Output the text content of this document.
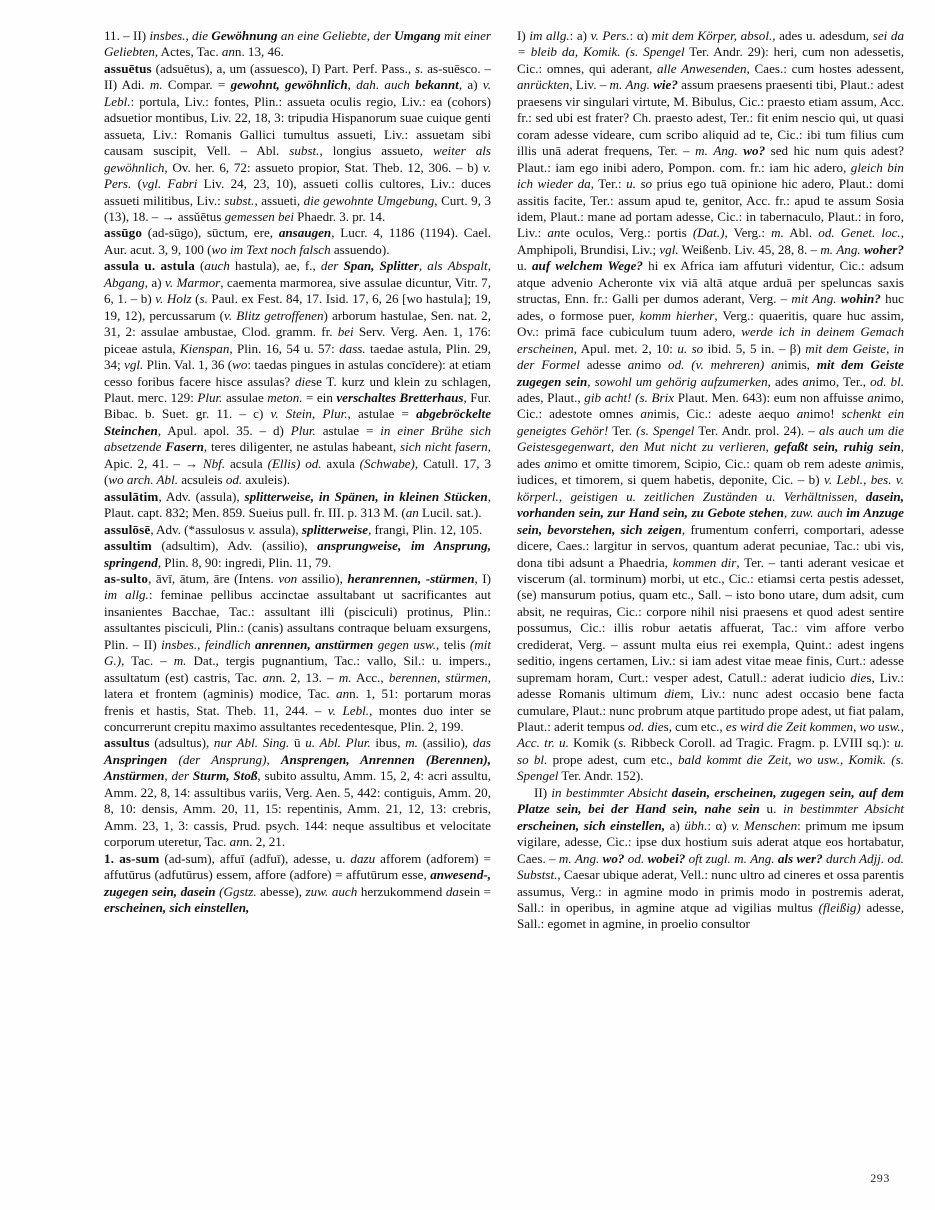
11. – II) insbes., die Gewöhnung an eine Geliebte, der Umgang mit einer Geliebten, Actes, Tac. ann. 13, 46.

assuētus (adsuētus), a, um (assuesco), I) Part. Perf. Pass., s. as-suēsco. – II) Adi. m. Compar. = gewohnt, gewöhnlich, dah. auch bekannt, a) v. Lebl.: portula, Liv.: fontes, Plin.: assueta oculis regio, Liv.: ea (cohors) adsuetior montibus, Liv. 22, 18, 3: tripudia Hispanorum suae cuique genti assueta, Liv.: Romanis Gallici tumultus assueti, Liv.: assuetam sibi causam suscipit, Vell. – Abl. subst., longius assueto, weiter als gewöhnlich, Ov. her. 6, 72: assueto propior, Stat. Theb. 12, 306. – b) v. Pers. (vgl. Fabri Liv. 24, 23, 10), assueti collis cultores, Liv.: duces assueti militibus, Liv.: subst., assueti, die gewohnte Umgebung, Curt. 9, 3 (13), 18. – → assŭētus gemessen bei Phaedr. 3. pr. 14.

assūgo (ad-sūgo), sūctum, ere, ansaugen, Lucr. 4, 1186 (1194). Cael. Aur. acut. 3, 9, 100 (wo im Text noch falsch assuendo).

assula u. astula (auch hastula), ae, f., der Span, Splitter, als Abspalt, Abgang, a) v. Marmor, caementa marmorea, sive assulae dicuntur, Vitr. 7, 6, 1. – b) v. Holz (s. Paul. ex Fest. 84, 17. Isid. 17, 6, 26 [wo hastula]; 19, 19, 12), percussarum (v. Blitz getroffenen) arborum hastulae, Sen. nat. 2, 31, 2: assulae ambustae, Clod. gramm. fr. bei Serv. Verg. Aen. 1, 176: piceae astula, Kienspan, Plin. 16, 54 u. 57: dass. taedae astula, Plin. 29, 34; vgl. Plin. Val. 1, 36 (wo: taedas pingues in astulas concīdere): at etiam cesso foribus facere hisce assulas? diese T. kurz und klein zu schlagen, Plaut. merc. 129: Plur. assulae meton. = ein verschaltes Bretterhaus, Fur. Bibac. b. Suet. gr. 11. – c) v. Stein, Plur., astulae = abgebröckelte Steinchen, Apul. apol. 35. – d) Plur. astulae = in einer Brühe sich absetzende Fasern, teres diligenter, ne astulas habeant, sich nicht fasern, Apic. 2, 41. – → Nbf. acsula (Ellis) od. axula (Schwabe), Catull. 17, 3 (wo arch. Abl. acsuleis od. axuleis).

assulātim, Adv. (assula), splitterweise, in Spänen, in kleinen Stücken, Plaut. capt. 832; Men. 859. Sueius pull. fr. III. p. 313 M. (an Lucil. sat.).

assulōsē, Adv. (*assulosus v. assula), splitterweise, frangi, Plin. 12, 105.

assultim (adsultim), Adv. (assilio), ansprungweise, im Ansprung, springend, Plin. 8, 90: ingredi, Plin. 11, 79.

as-sulto, āvī, ātum, āre (Intens. von assilio), heranrennen, -stürmen, I) im allg.: feminae pellibus accinctae assultabant ut sacrificantes aut insanientes Bacchae, Tac.: assultant illi (pisciculi) protinus, Plin.: assultantes pisciculi, Plin.: (canis) assultans contraque beluam exsurgens, Plin. – II) insbes., feindlich anrennen, anstürmen gegen usw., telis (mit G.), Tac. – m. Dat., tergis pugnantium, Tac.: vallo, Sil.: u. impers., assultatum (est) castris, Tac. ann. 2, 13. – m. Acc., berennen, stürmen, latera et frontem (agminis) modice, Tac. ann. 1, 51: portarum moras frenis et hastis, Stat. Theb. 11, 244. – v. Lebl., montes duo inter se concurrerunt crepitu maximo assultantes recedentesque, Plin. 2, 199.

assultus (adsultus), nur Abl. Sing. ū u. Abl. Plur. ibus, m. (assilio), das Anspringen (der Ansprung), Ansprengen, Anrennen (Berennen), Anstürmen, der Sturm, Stoß, subito assultu, Amm. 15, 2, 4: acri assultu, Amm. 22, 8, 14: assultibus variis, Verg. Aen. 5, 442: contiguis, Amm. 20, 8, 10: densis, Amm. 20, 11, 15: repentinis, Amm. 21, 12, 13: crebris, Amm. 23, 1, 3: cassis, Prud. psych. 144: neque assultibus et velocitate corporum uteretur, Tac. ann. 2, 21.

1. as-sum (ad-sum), affuī (adfuī), adesse, u. dazu afforem (adforem) = affutūrus (adfutūrus) essem, affore (adfore) = affutūrum esse, anwesend-, zugegen sein, dasein (Ggstz. abesse), zuw. auch herzukommend dasein = erscheinen, sich einstellen,

I) im allg.: a) v. Pers.: α) mit dem Körper, absol., ades u. adesdum, sei da = bleib da, Komik. (s. Spengel Ter. Andr. 29): heri, cum non adessetis, Cic.: omnes, qui aderant, alle Anwesenden, Caes.: cum hostes adessent, anrückten, Liv. – m. Ang. wie? assum praesens praesenti tibi, Plaut.: adest praesens vir singulari virtute, M. Bibulus, Cic.: praesto etiam assum, Acc. fr.: sed ubi est frater? Ch. praesto adest, Ter.: fit enim nescio qui, ut quasi coram adesse videare, cum scribo aliquid ad te, Cic.: ibi tum filius cum illis unā aderat frequens, Ter. – m. Ang. wo? sed hic num quis adest? Plaut.: iam ego inibi adero, Pompon. com. fr.: iam hic adero, gleich bin ich wieder da, Ter.: u. so prius ego tuā opinione hic adero, Plaut.: domi assitis facite, Ter.: assum apud te, genitor, Acc. fr.: apud te assum Sosia idem, Plaut.: mane ad portam adesse, Cic.: in tabernaculo, Plaut.: in foro, Liv.: ante oculos, Verg.: portis (Dat.), Verg.: m. Abl. od. Genet. loc., Amphipoli, Brundisi, Liv.; vgl. Weißenb. Liv. 45, 28, 8. – m. Ang. woher? u. auf welchem Wege? hi ex Africa iam affuturi videntur, Cic.: adsum atque advenio Acheronte vix viā altā atque arduā per speluncas saxis structas, Enn. fr.: Galli per dumos aderant, Verg. – mit Ang. wohin? huc ades, o formose puer, komm hierher, Verg.: quaeritis, quare huc assim, Ov.: primā face cubiculum tuum adero, werde ich in deinem Gemach erscheinen, Apul. met. 2, 10: u. so ibid. 5, 5 in. – β) mit dem Geiste, in der Formel adesse animo od. (v. mehreren) animis, mit dem Geiste zugegen sein, sowohl um gehörig aufzumerken, ades animo, Ter., od. bl. ades, Plaut., gib acht! (s. Brix Plaut. Men. 643): eum non affuisse animo, Cic.: adestote omnes animis, Cic.: adeste aequo animo! schenkt ein geneigtes Gehör! Ter. (s. Spengel Ter. Andr. prol. 24). – als auch um die Geistesgegenwart, den Mut nicht zu verlieren, gefaßt sein, ruhig sein, ades animo et omitte timorem, Scipio, Cic.: quam ob rem adeste animis, iudices, et timorem, si quem habetis, deponite, Cic. – b) v. Lebl., bes. v. körperl., geistigen u. zeitlichen Zuständen u. Verhältnissen, dasein, vorhanden sein, zur Hand sein, zu Gebote stehen, zuw. auch im Anzuge sein, bevorstehen, sich zeigen, frumentum conferri, comportari, adesse dicere, Caes.: largitur in servos, quantum aderat pecuniae, Tac.: ubi vis, dona tibi adsunt a Phaedria, kommen dir, Ter. – tanti aderant vesicae et viscerum (al. torminum) morbi, ut etc., Cic.: etiamsi certa pestis adesset, (se) mansurum potius, quam etc., Sall. – isto bono utare, dum adsit, cum absit, ne requiras, Cic.: corpore nihil nisi praesens et quod adest sentire possumus, Cic.: illis robur aetatis affuerat, Tac.: vim affore verbo crediderat, Verg. – assunt multa eius rei exempla, Quint.: adest ingens seditio, ingens certamen, Liv.: si iam adest vitae meae finis, Curt.: adesse supremam horam, Curt.: vesper adest, Catull.: aderat iudicio dies, Liv.: adesse Romanis ultimum diem, Liv.: nunc adest occasio bene facta cumulare, Plaut.: nunc probrum atque partitudo prope adest, ut fiat palam, Plaut.: aderit tempus od. dies, cum etc., es wird die Zeit kommen, wo usw., Acc. tr. u. Komik (s. Ribbeck Coroll. ad Tragic. Fragm. p. LVIII sq.): u. so bl. prope adest, cum etc., bald kommt die Zeit, wo usw., Komik. (s. Spengel Ter. Andr. 152).

II) in bestimmter Absicht dasein, erscheinen, zugegen sein, auf dem Platze sein, bei der Hand sein, nahe sein u. in bestimmter Absicht erscheinen, sich einstellen, a) übh.: α) v. Menschen: primum me ipsum vigilare, adesse, Cic.: ipse dux hostium suis aderat atque eos hortabatur, Caes. – m. Ang. wo? od. wobei? oft zugl. m. Ang. als wer? durch Adjj. od. Substst., Caesar ubique aderat, Vell.: nunc ultro ad cineres et ossa parentis assumus, Verg.: in agmine modo in primis modo in postremis aderat, Sall.: in operibus, in agmine atque ad vigilias multus (fleißig) adesse, Sall.: egomet in agmine, in proelio consultor

293
